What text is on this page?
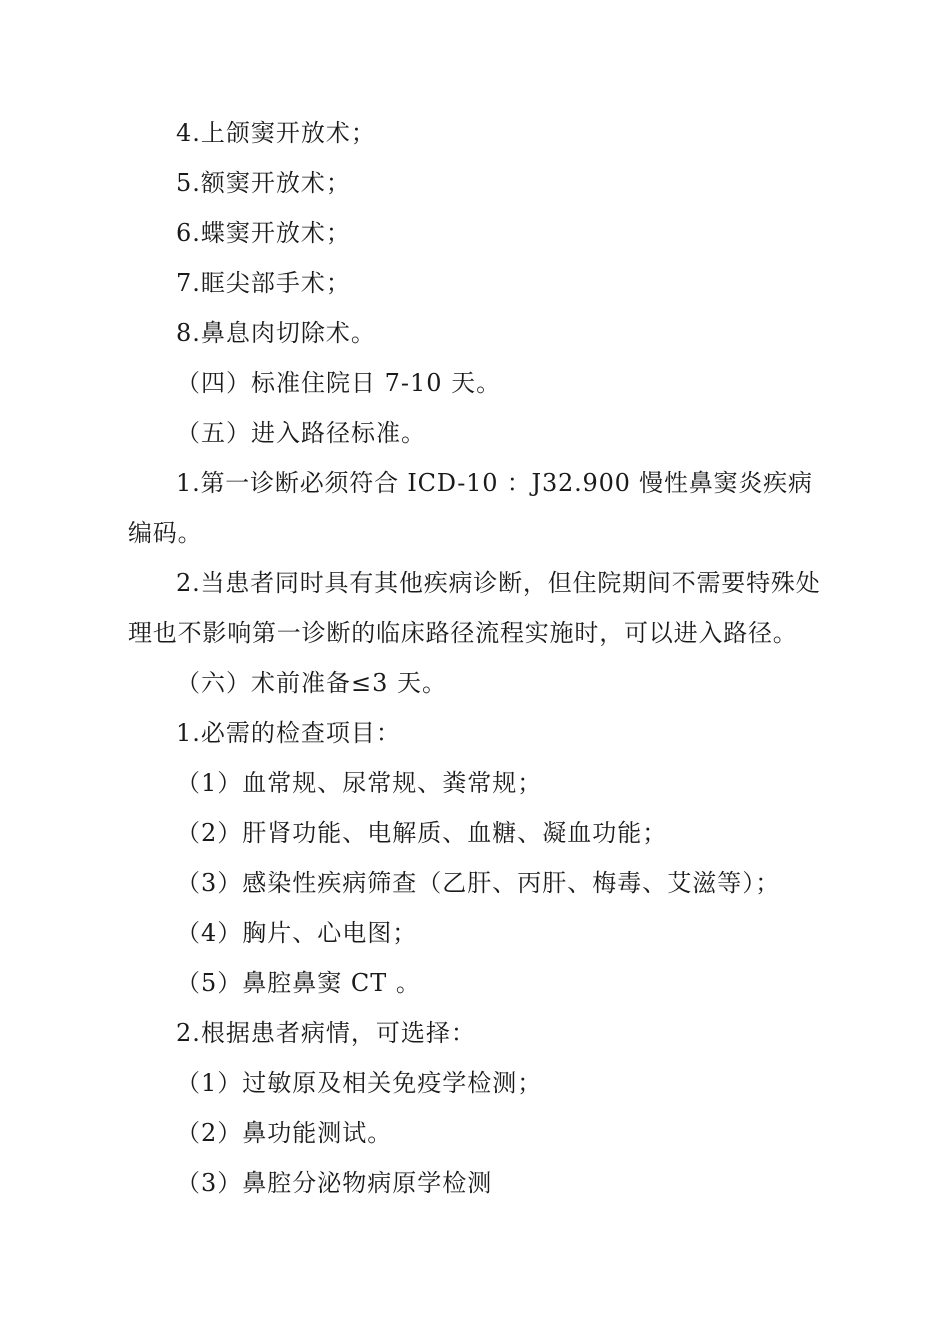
4.上颌窦开放术；

5.额窦开放术；

6.蝶窦开放术；

7.眶尖部手术；

8.鼻息肉切除术。

（四）标准住院日 7-10 天。

（五）进入路径标准。

1.第一诊断必须符合 ICD-10 ：J32.900 慢性鼻窦炎疾病编码。

2.当患者同时具有其他疾病诊断，但住院期间不需要特殊处理也不影响第一诊断的临床路径流程实施时，可以进入路径。

（六）术前准备≤3 天。

1.必需的检查项目：

（1）血常规、尿常规、粪常规；

（2）肝肾功能、电解质、血糖、凝血功能；

（3）感染性疾病筛查（乙肝、丙肝、梅毒、艾滋等）；

（4）胸片、心电图；

（5）鼻腔鼻窦 CT 。

2.根据患者病情，可选择：

（1）过敏原及相关免疫学检测；

（2）鼻功能测试。

（3）鼻腔分泌物病原学检测
